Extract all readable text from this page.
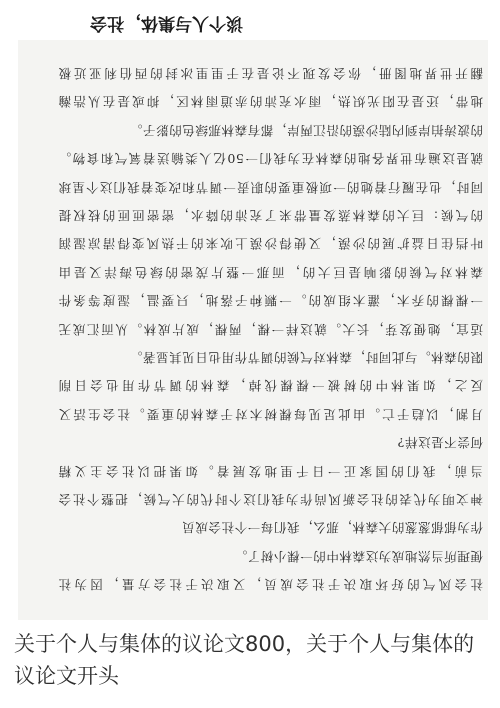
谈个人与集体，社会
翻开世界地图册，你会发现不论是在于里里冰封的西伯利亚近极
地带，还是在阳光炽热，雨水充沛的赤道雨林区，抑或是在从浩瀚
的波涛拍岸到内陆沙漠的沿江两岸，都有森林那绿色的影子。
就是这遍布世界各地的森林在为我们一50亿人类输送着氧气和食物。
同时，也在履行着她的一项极重要的职责一调节和改变着我们这个星球
的气候：巨大的森林蒸发量带来了充沛的降水，密密匝匝的枝权提
叶挡住日益扩展的沙漠，又使得沙漠上吹来的干热风变得清凉湿润
森林对气候的影响是巨大的，而那一整片茂密的绿色海洋又是由
一棵棵的乔木，灌木组成的。一颗种子落地，只要温，湿度等条件
适宜，她便发芽，长大。就这样一棵，两棵，成片成林。从而汇成无
限的森林。与此同时，森林对气候的调节作用也日见其显著。
反之，如果林中的树被一棵棵伐掉，森林的调节作用也会日削
月割，以趋于亡。由此足见每棵树木对于森林的重要。社会生活又
何尝不是这样?
当前，我们的国家正一日千里地发展着。如果把以社会主义精
神文明为代表的社会新风尚作为我们这个时代的大气候，把整个社会
作为郁郁葱葱的大森林，那么，我们每一个社会成员
便理所当然地成为这森林中的一棵小树了。
社会风气的好坏取决于社会成员，又取决于社会方量，因为社

关于个人与集体的议论文800，关于个人与集体的议论文开头
